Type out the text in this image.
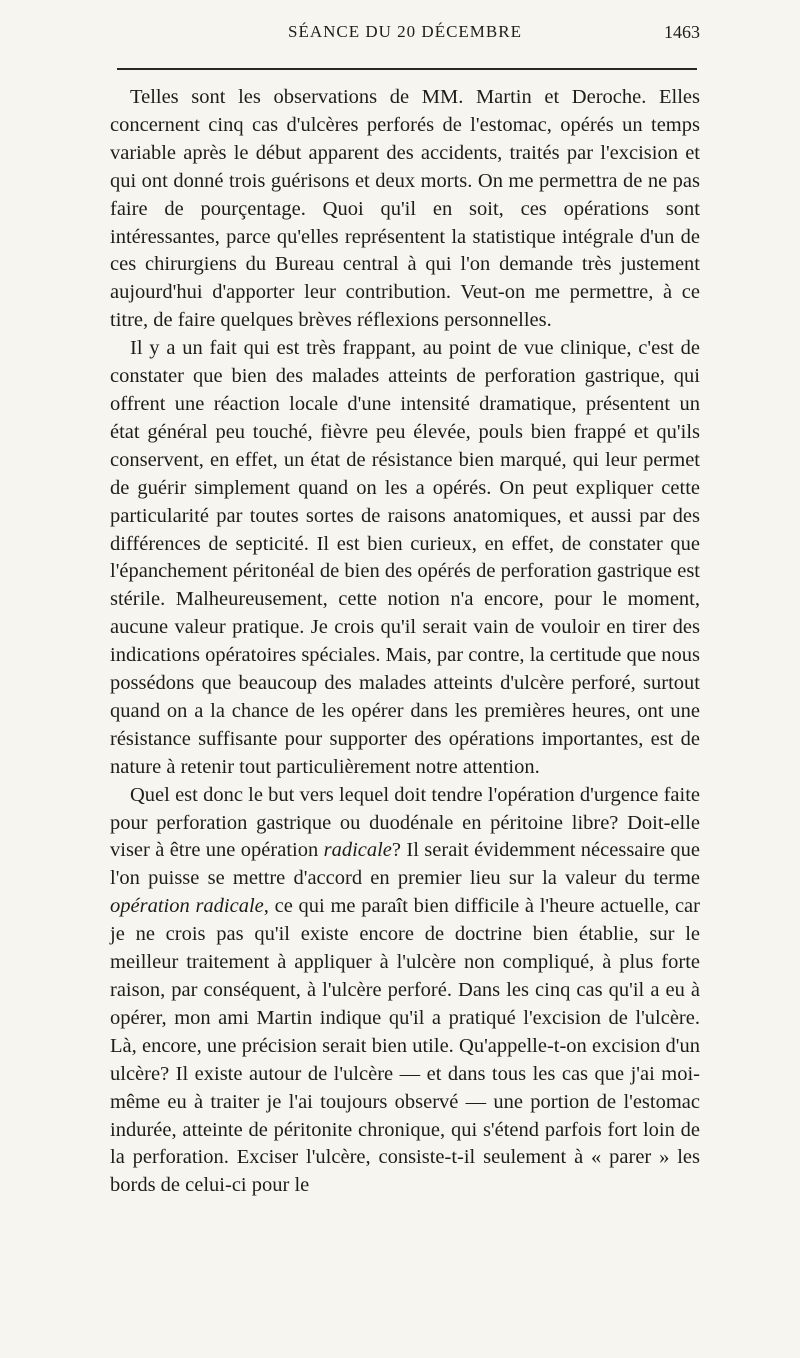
SÉANCE DU 20 DÉCEMBRE	1463

Telles sont les observations de MM. Martin et Deroche. Elles concernent cinq cas d'ulcères perforés de l'estomac, opérés un temps variable après le début apparent des accidents, traités par l'excision et qui ont donné trois guérisons et deux morts. On me permettra de ne pas faire de pourçentage. Quoi qu'il en soit, ces opérations sont intéressantes, parce qu'elles représentent la statistique intégrale d'un de ces chirurgiens du Bureau central à qui l'on demande très justement aujourd'hui d'apporter leur contribution. Veut-on me permettre, à ce titre, de faire quelques brèves réflexions personnelles.

Il y a un fait qui est très frappant, au point de vue clinique, c'est de constater que bien des malades atteints de perforation gastrique, qui offrent une réaction locale d'une intensité dramatique, présentent un état général peu touché, fièvre peu élevée, pouls bien frappé et qu'ils conservent, en effet, un état de résistance bien marqué, qui leur permet de guérir simplement quand on les a opérés. On peut expliquer cette particularité par toutes sortes de raisons anatomiques, et aussi par des différences de septicité. Il est bien curieux, en effet, de constater que l'épanchement péritonéal de bien des opérés de perforation gastrique est stérile. Malheureusement, cette notion n'a encore, pour le moment, aucune valeur pratique. Je crois qu'il serait vain de vouloir en tirer des indications opératoires spéciales. Mais, par contre, la certitude que nous possédons que beaucoup des malades atteints d'ulcère perforé, surtout quand on a la chance de les opérer dans les premières heures, ont une résistance suffisante pour supporter des opérations importantes, est de nature à retenir tout particulièrement notre attention.

Quel est donc le but vers lequel doit tendre l'opération d'urgence faite pour perforation gastrique ou duodénale en péritoine libre? Doit-elle viser à être une opération radicale? Il serait évidemment nécessaire que l'on puisse se mettre d'accord en premier lieu sur la valeur du terme opération radicale, ce qui me paraît bien difficile à l'heure actuelle, car je ne crois pas qu'il existe encore de doctrine bien établie, sur le meilleur traitement à appliquer à l'ulcère non compliqué, à plus forte raison, par conséquent, à l'ulcère perforé. Dans les cinq cas qu'il a eu à opérer, mon ami Martin indique qu'il a pratiqué l'excision de l'ulcère. Là, encore, une précision serait bien utile. Qu'appelle-t-on excision d'un ulcère? Il existe autour de l'ulcère — et dans tous les cas que j'ai moi-même eu à traiter je l'ai toujours observé — une portion de l'estomac indurée, atteinte de péritonite chronique, qui s'étend parfois fort loin de la perforation. Exciser l'ulcère, consiste-t-il seulement à « parer » les bords de celui-ci pour le
